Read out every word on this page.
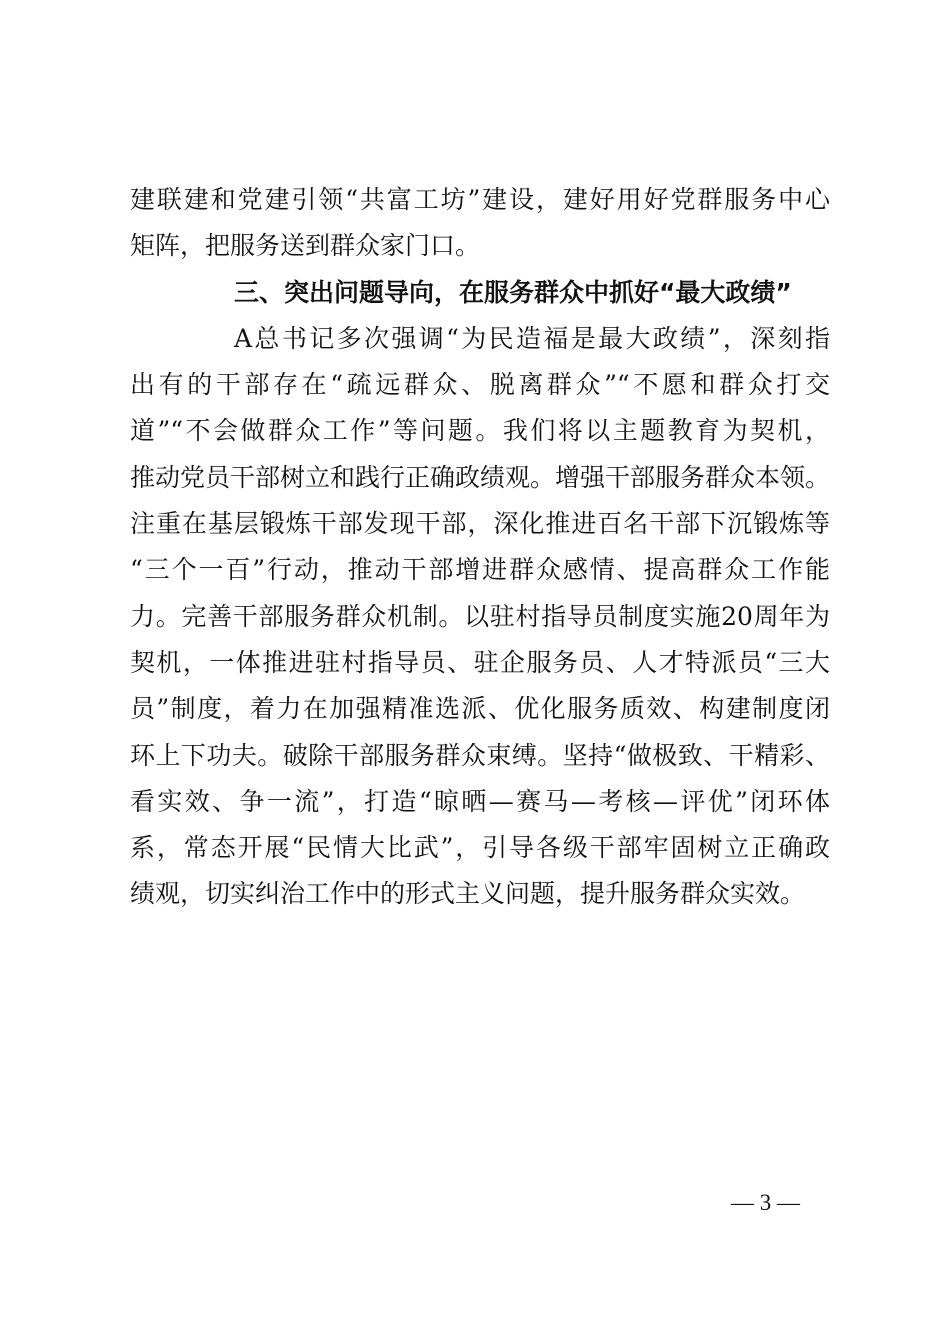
建联建和党建引领“共富工坊”建设，建好用好党群服务中心
矩阵，把服务送到群众家门口。
三、突出问题导向，在服务群众中抓好“最大政绩”
A总书记多次强调“为民造福是最大政绩”，深刻指
出有的干部存在“疏远群众、脱离群众”“不愿和群众打交
道”“不会做群众工作”等问题。我们将以主题教育为契机，
推动党员干部树立和践行正确政绩观。增强干部服务群众本领。
注重在基层锻炼干部发现干部，深化推进百名干部下沉锻炼等
“三个一百”行动，推动干部增进群众感情、提高群众工作能
力。完善干部服务群众机制。以驻村指导员制度实施20周年为
契机，一体推进驻村指导员、驻企服务员、人才特派员“三大
员”制度，着力在加强精准选派、优化服务质效、构建制度闭
环上下功夫。破除干部服务群众束缚。坚持“做极致、干精彩、
看实效、争一流”，打造“晾晒—赛马—考核—评优”闭环体
系，常态开展“民情大比武”，引导各级干部牢固树立正确政
绩观，切实纠治工作中的形式主义问题，提升服务群众实效。
— 3 —
